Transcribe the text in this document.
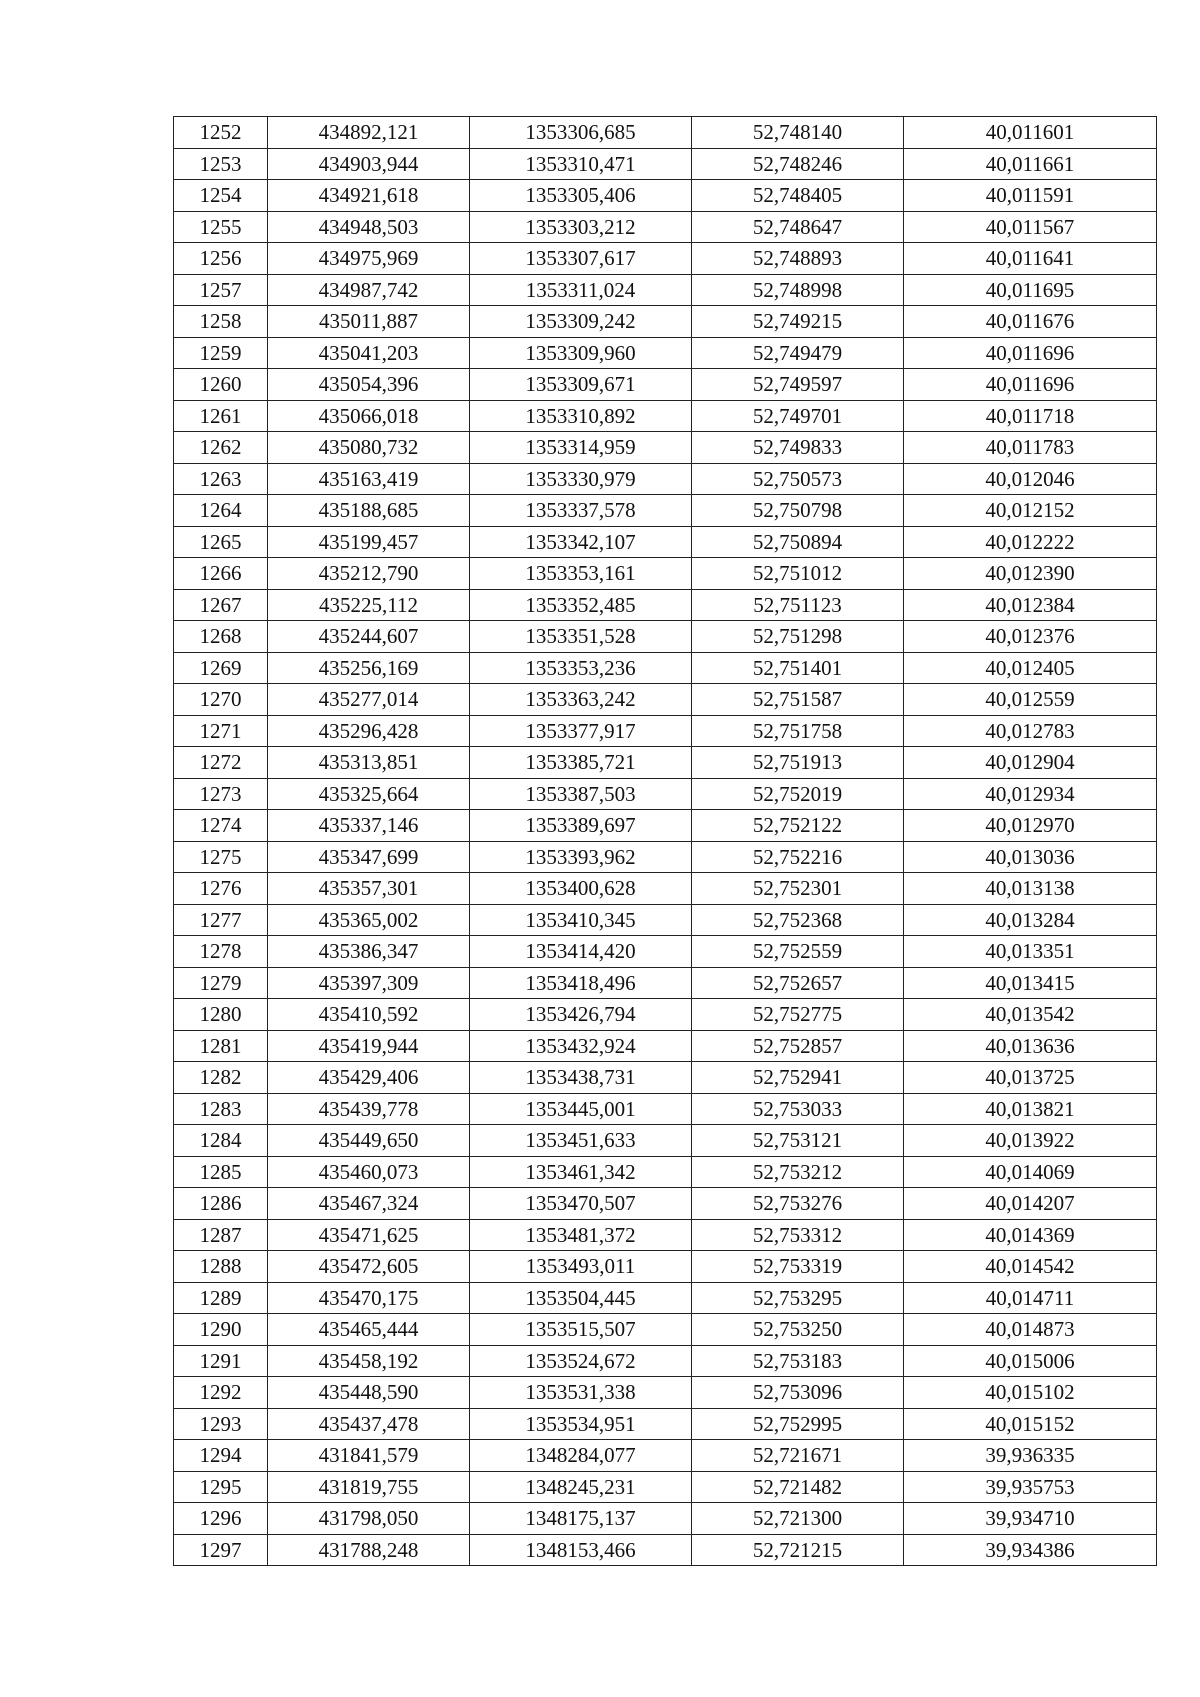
1252	434892,121	1353306,685	52,748140	40,011601
1253	434903,944	1353310,471	52,748246	40,011661
1254	434921,618	1353305,406	52,748405	40,011591
1255	434948,503	1353303,212	52,748647	40,011567
1256	434975,969	1353307,617	52,748893	40,011641
1257	434987,742	1353311,024	52,748998	40,011695
1258	435011,887	1353309,242	52,749215	40,011676
1259	435041,203	1353309,960	52,749479	40,011696
1260	435054,396	1353309,671	52,749597	40,011696
1261	435066,018	1353310,892	52,749701	40,011718
1262	435080,732	1353314,959	52,749833	40,011783
1263	435163,419	1353330,979	52,750573	40,012046
1264	435188,685	1353337,578	52,750798	40,012152
1265	435199,457	1353342,107	52,750894	40,012222
1266	435212,790	1353353,161	52,751012	40,012390
1267	435225,112	1353352,485	52,751123	40,012384
1268	435244,607	1353351,528	52,751298	40,012376
1269	435256,169	1353353,236	52,751401	40,012405
1270	435277,014	1353363,242	52,751587	40,012559
1271	435296,428	1353377,917	52,751758	40,012783
1272	435313,851	1353385,721	52,751913	40,012904
1273	435325,664	1353387,503	52,752019	40,012934
1274	435337,146	1353389,697	52,752122	40,012970
1275	435347,699	1353393,962	52,752216	40,013036
1276	435357,301	1353400,628	52,752301	40,013138
1277	435365,002	1353410,345	52,752368	40,013284
1278	435386,347	1353414,420	52,752559	40,013351
1279	435397,309	1353418,496	52,752657	40,013415
1280	435410,592	1353426,794	52,752775	40,013542
1281	435419,944	1353432,924	52,752857	40,013636
1282	435429,406	1353438,731	52,752941	40,013725
1283	435439,778	1353445,001	52,753033	40,013821
1284	435449,650	1353451,633	52,753121	40,013922
1285	435460,073	1353461,342	52,753212	40,014069
1286	435467,324	1353470,507	52,753276	40,014207
1287	435471,625	1353481,372	52,753312	40,014369
1288	435472,605	1353493,011	52,753319	40,014542
1289	435470,175	1353504,445	52,753295	40,014711
1290	435465,444	1353515,507	52,753250	40,014873
1291	435458,192	1353524,672	52,753183	40,015006
1292	435448,590	1353531,338	52,753096	40,015102
1293	435437,478	1353534,951	52,752995	40,015152
1294	431841,579	1348284,077	52,721671	39,936335
1295	431819,755	1348245,231	52,721482	39,935753
1296	431798,050	1348175,137	52,721300	39,934710
1297	431788,248	1348153,466	52,721215	39,934386
